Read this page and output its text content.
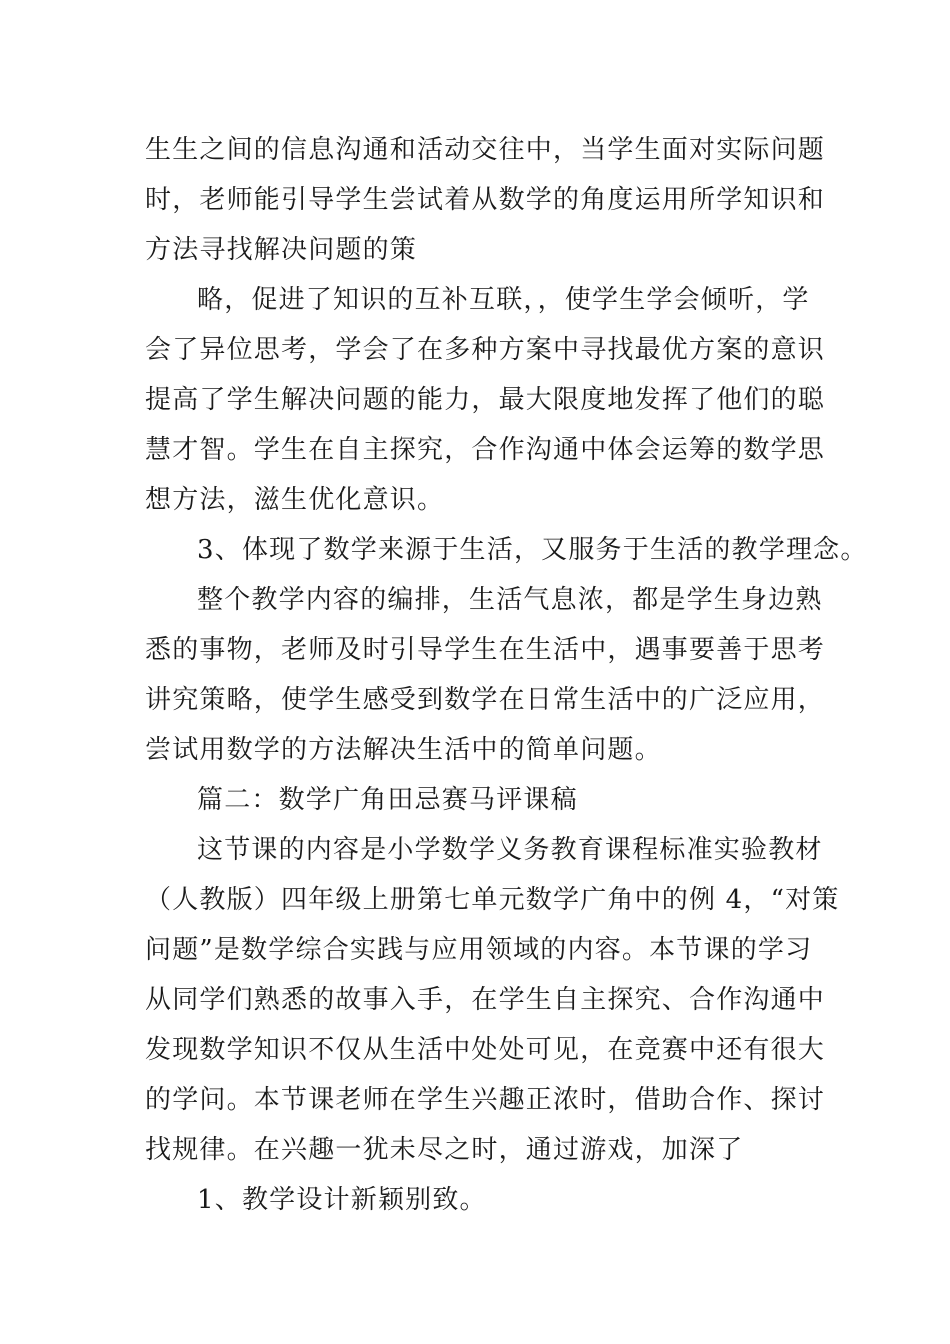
生生之间的信息沟通和活动交往中，当学生面对实际问题
时，老师能引导学生尝试着从数学的角度运用所学知识和
方法寻找解决问题的策
略，促进了知识的互补互联，，使学生学会倾听，学
会了异位思考，学会了在多种方案中寻找最优方案的意识
提高了学生解决问题的能力，最大限度地发挥了他们的聪
慧才智。学生在自主探究，合作沟通中体会运筹的数学思
想方法，滋生优化意识。
3、体现了数学来源于生活，又服务于生活的教学理念。
整个教学内容的编排，生活气息浓，都是学生身边熟
悉的事物，老师及时引导学生在生活中，遇事要善于思考
讲究策略，使学生感受到数学在日常生活中的广泛应用，
尝试用数学的方法解决生活中的简单问题。
篇二：数学广角田忌赛马评课稿
这节课的内容是小学数学义务教育课程标准实验教材
（人教版）四年级上册第七单元数学广角中的例 4，“对策
问题”是数学综合实践与应用领域的内容。本节课的学习
从同学们熟悉的故事入手，在学生自主探究、合作沟通中
发现数学知识不仅从生活中处处可见，在竞赛中还有很大
的学问。本节课老师在学生兴趣正浓时，借助合作、探讨
找规律。在兴趣一犹未尽之时，通过游戏，加深了
1、教学设计新颖别致。
